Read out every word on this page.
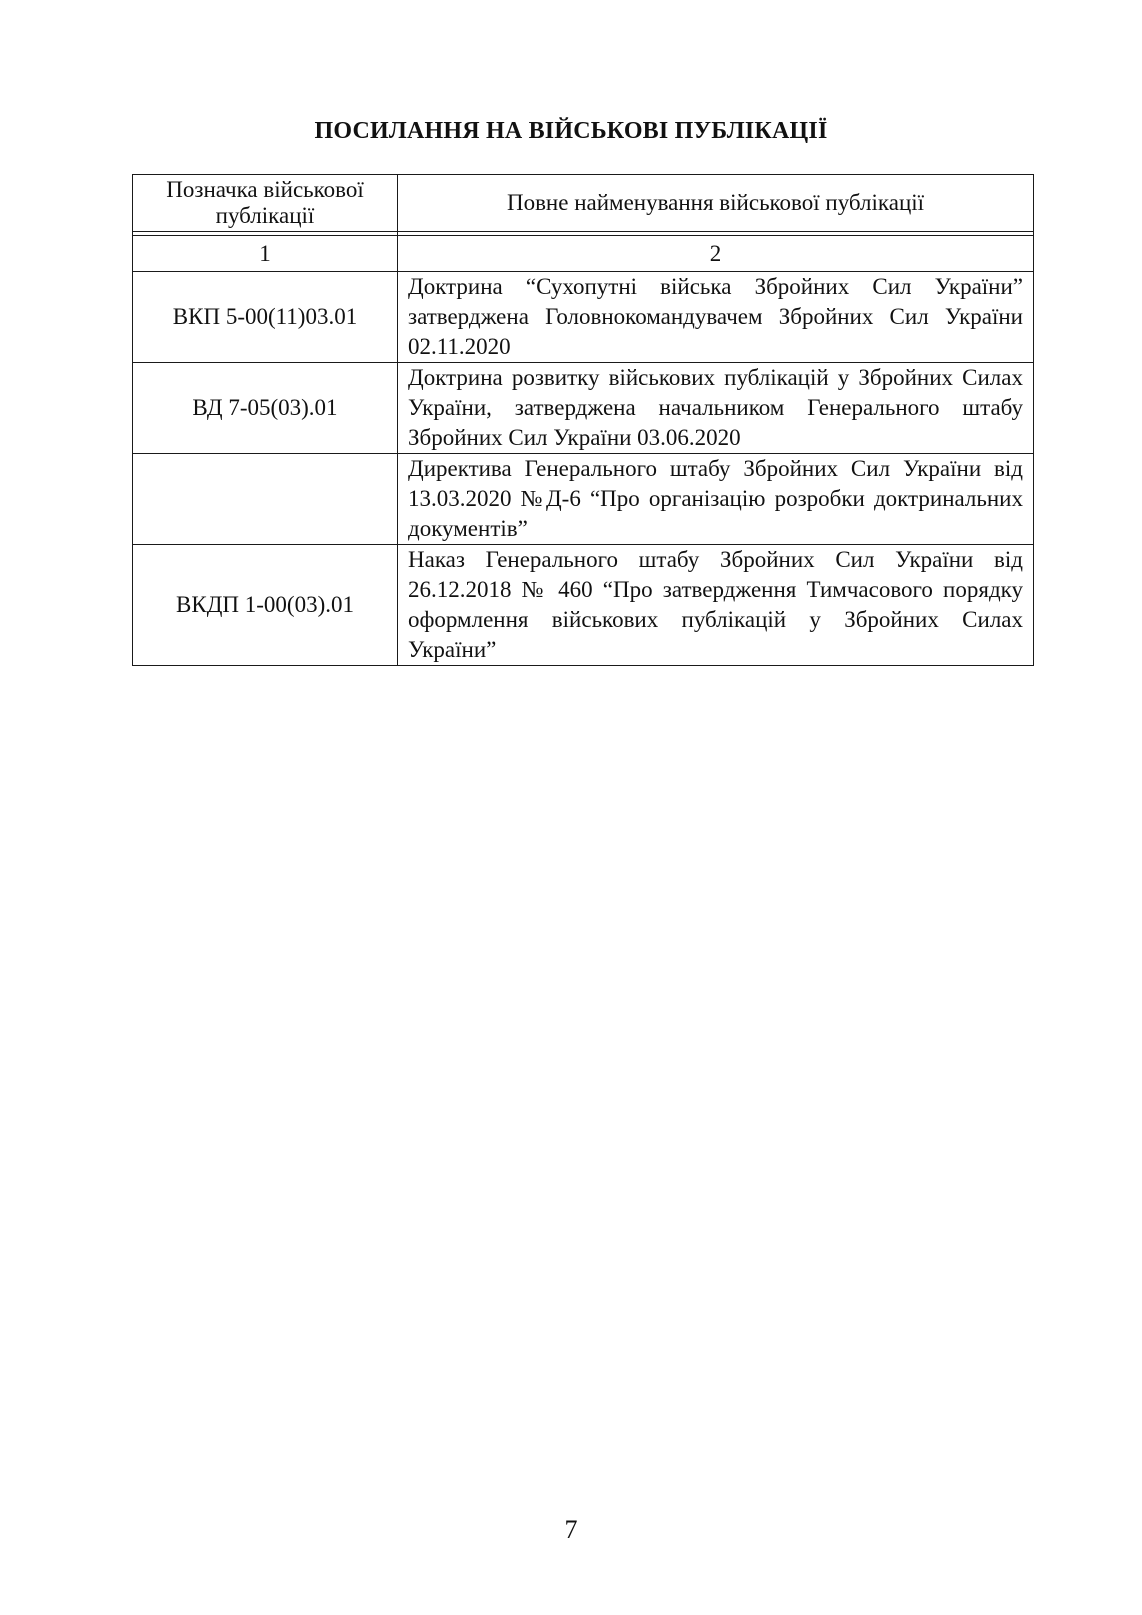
ПОСИЛАННЯ НА ВІЙСЬКОВІ ПУБЛІКАЦІЇ
Позначка військової публікації	Повне найменування військової публікації

1	2
ВКП 5-00(11)03.01	Доктрина “Сухопутні війська Збройних Сил України” затверджена Головнокомандувачем Збройних Сил України 02.11.2020
ВД 7-05(03).01	Доктрина розвитку військових публікацій у Збройних Силах України, затверджена начальником Генерального штабу Збройних Сил України 03.06.2020
	Директива Генерального штабу Збройних Сил України від 13.03.2020 №Д-6 “Про організацію розробки доктринальних документів”
ВКДП 1-00(03).01	Наказ Генерального штабу Збройних Сил України від 26.12.2018 № 460 “Про затвердження Тимчасового порядку оформлення військових публікацій у Збройних Силах України”
7
